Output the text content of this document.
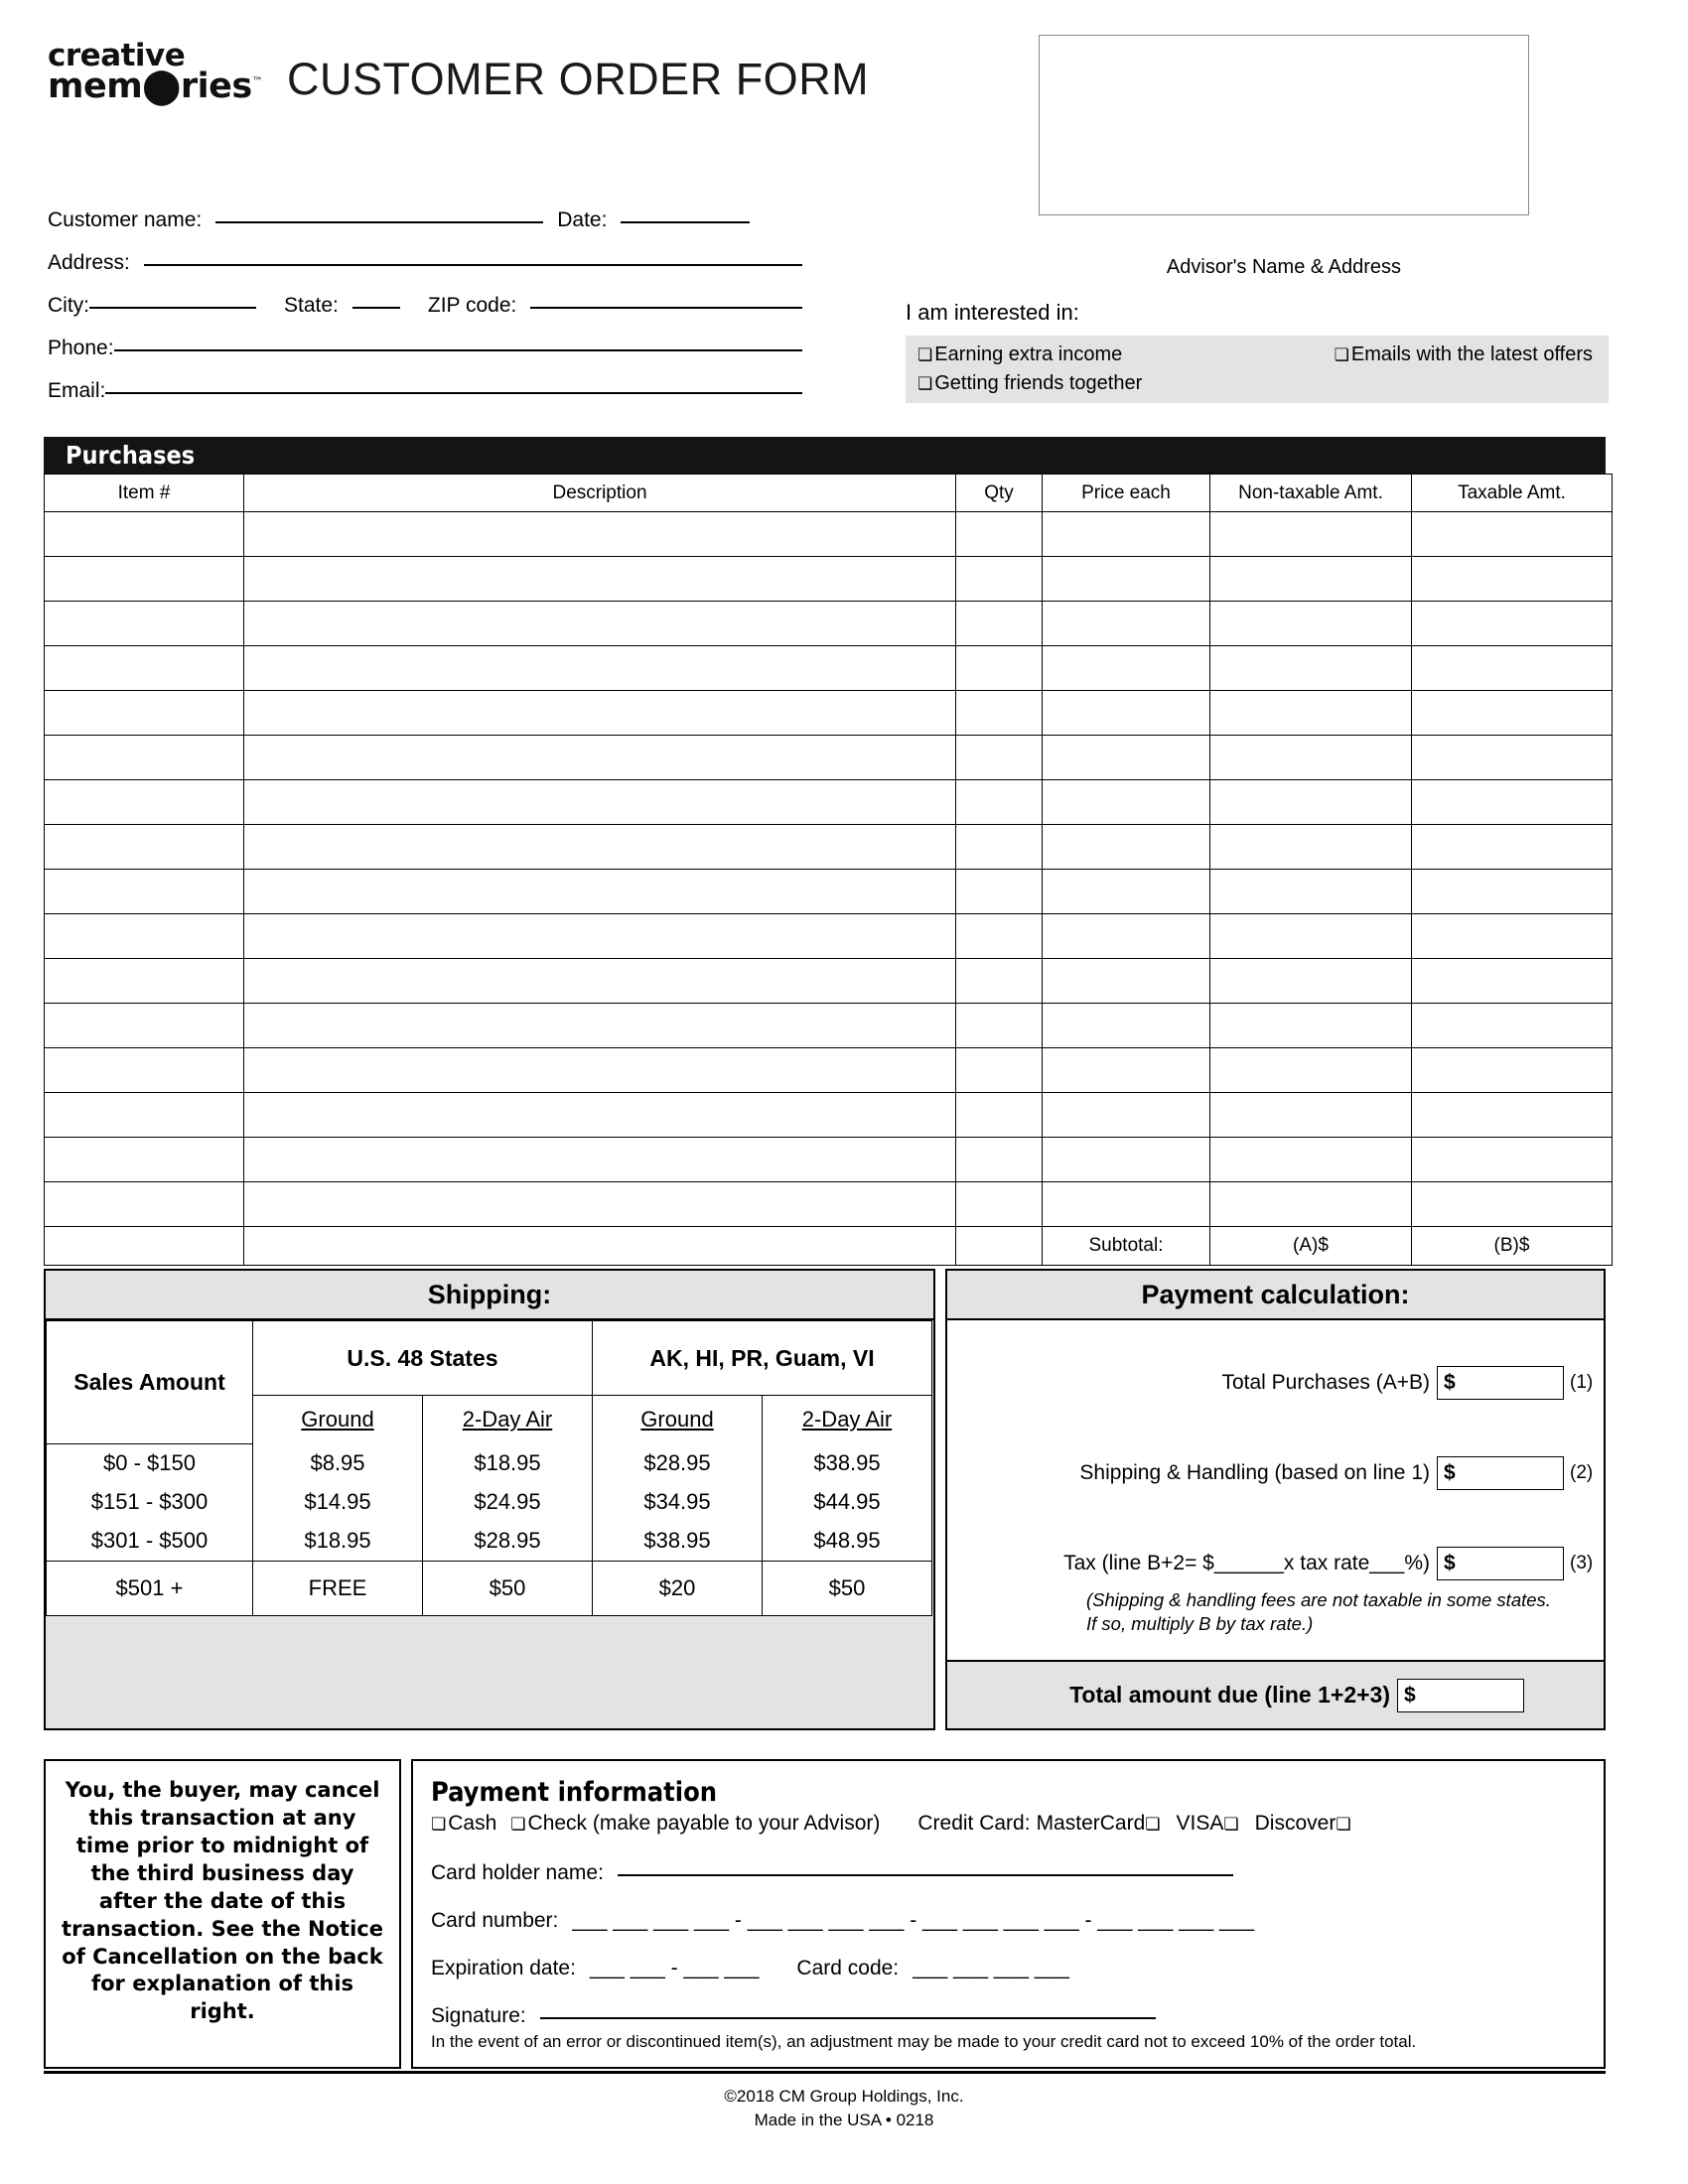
creative
mem⬤ries™ CUSTOMER ORDER FORM
Customer name:	Date:
Address:
City:	State:	ZIP code:
Phone:
Email:
Advisor's Name & Address
I am interested in:
❏ Earning extra income	❏ Emails with the latest offers
❏ Getting friends together
Purchases
Item #	Description	Qty	Price each	Non-taxable Amt.	Taxable Amt.

			Subtotal:	(A)$	(B)$
Shipping:
Sales Amount	U.S. 48 States		AK, HI, PR, Guam, VI	
	Ground	2-Day Air	Ground	2-Day Air
$0 - $150	$8.95	$18.95	$28.95	$38.95
$151 - $300	$14.95	$24.95	$34.95	$44.95
$301 - $500	$18.95	$28.95	$38.95	$48.95
$501 +	FREE	$50	$20	$50
Payment calculation:
Total Purchases (A+B) $	(1)
Shipping & Handling (based on line 1) $	(2)
Tax (line B+2= $______x tax rate___%) $	(3)
(Shipping & handling fees are not taxable in some states. If so, multiply B by tax rate.)
Total amount due (line 1+2+3) $
You, the buyer, may cancel this transaction at any time prior to midnight of the third business day after the date of this transaction. See the Notice of Cancellation on the back for explanation of this right.
Payment information
❏Cash ❏Check (make payable to your Advisor) Credit Card: MasterCard❏ VISA❏ Discover❏
Card holder name:
Card number: ___ ___ ___ ___ - ___ ___ ___ ___ - ___ ___ ___ ___ - ___ ___ ___ ___
Expiration date: ___ ___ - ___ ___ Card code: ___ ___ ___ ___
Signature:
In the event of an error or discontinued item(s), an adjustment may be made to your credit card not to exceed 10% of the order total.
©2018 CM Group Holdings, Inc.
Made in the USA • 0218
